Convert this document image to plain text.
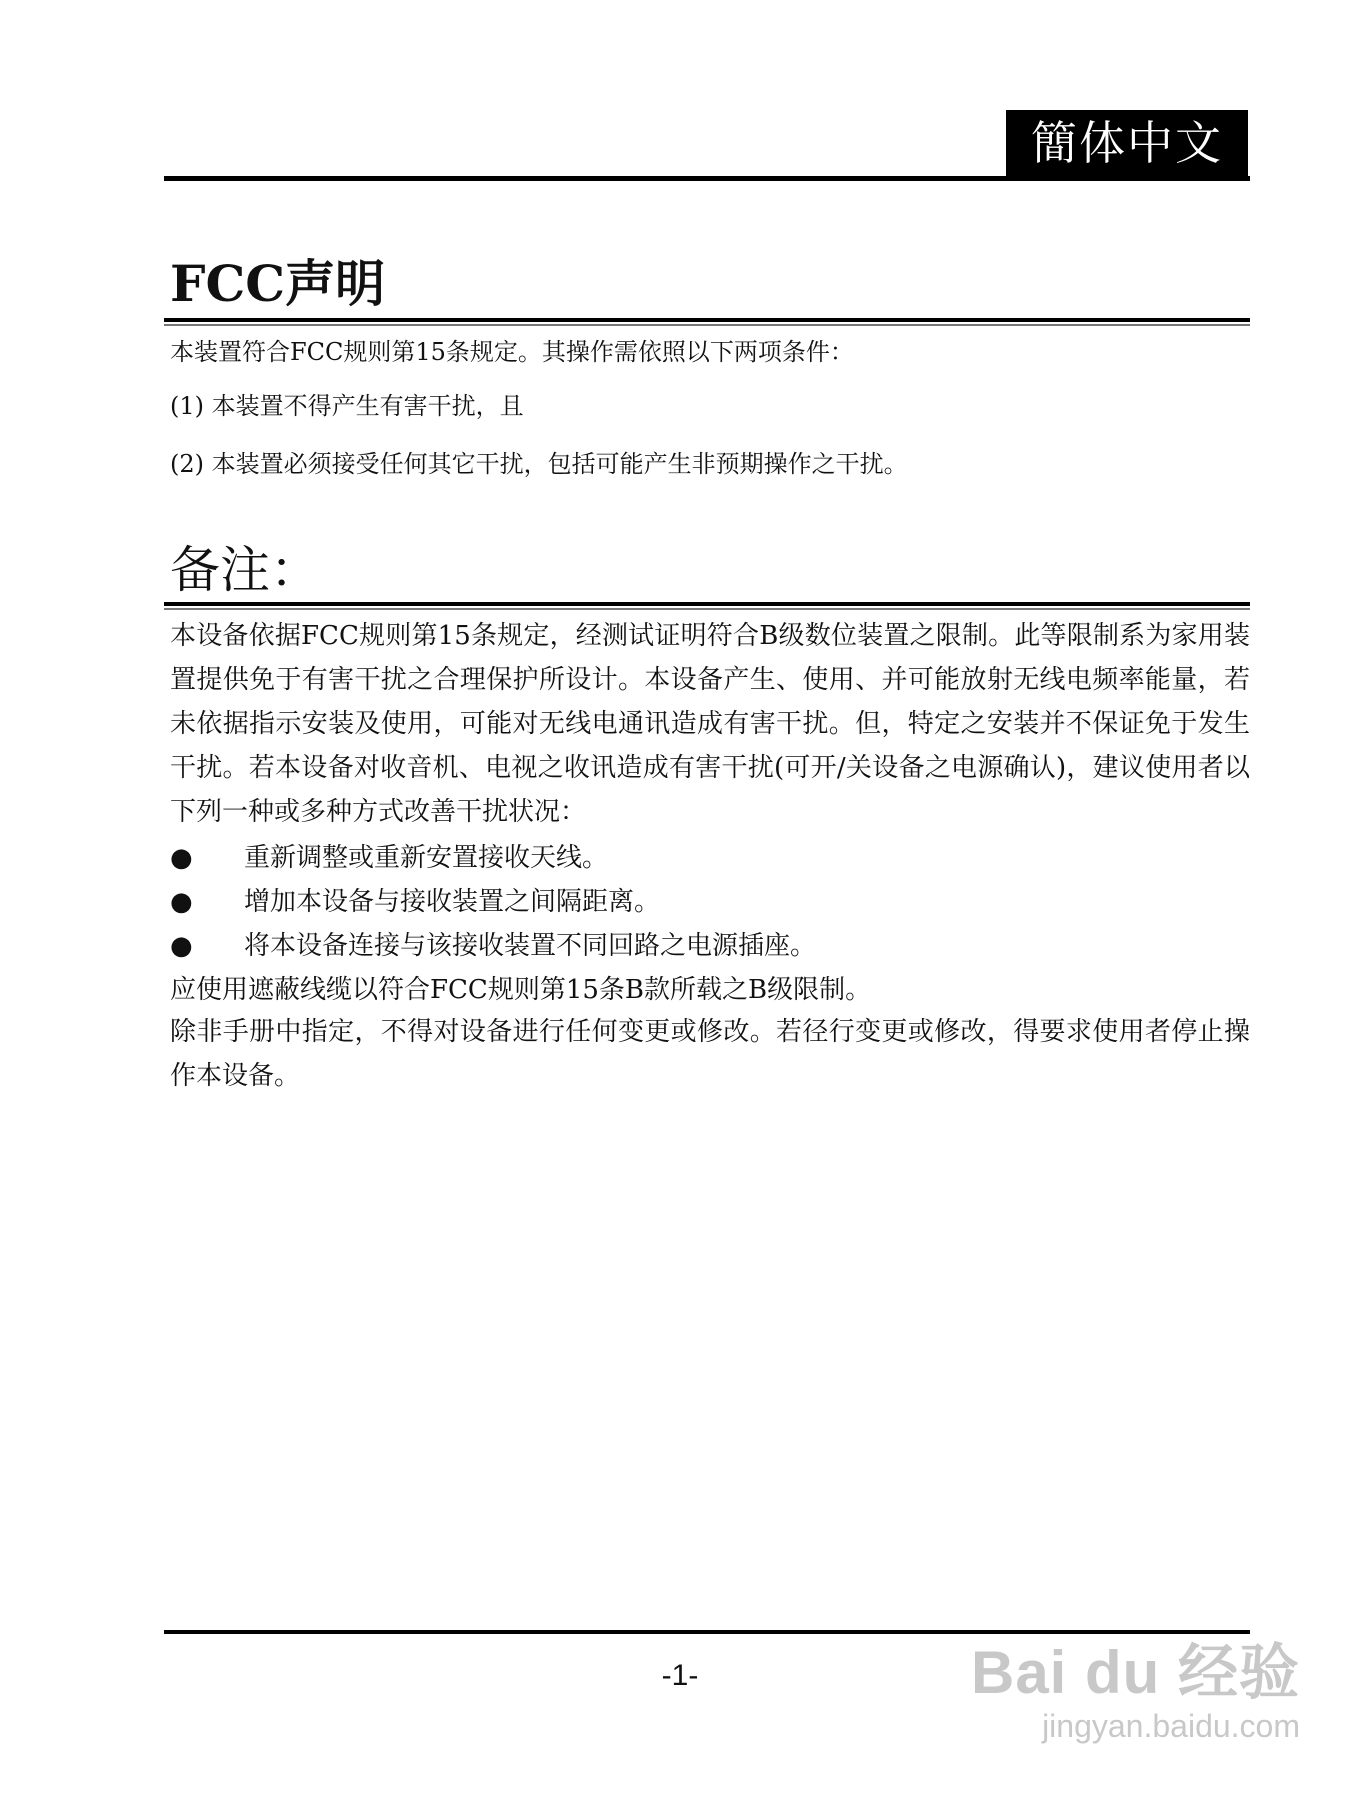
簡体中文
FCC声明

本装置符合FCC规则第15条规定。其操作需依照以下两项条件：

(1) 本装置不得产生有害干扰，且

(2) 本装置必须接受任何其它干扰，包括可能产生非预期操作之干扰。

备注：

本设备依据FCC规则第15条规定，经测试证明符合B级数位装置之限制。此等限制系为家用装置提供免于有害干扰之合理保护所设计。本设备产生、使用、并可能放射无线电频率能量，若未依据指示安装及使用，可能对无线电通讯造成有害干扰。但，特定之安装并不保证免于发生干扰。若本设备对收音机、电视之收讯造成有害干扰(可开/关设备之电源确认)，建议使用者以下列一种或多种方式改善干扰状况：

●	重新调整或重新安置接收天线。
●	增加本设备与接收装置之间隔距离。
●	将本设备连接与该接收装置不同回路之电源插座。

应使用遮蔽线缆以符合FCC规则第15条B款所载之B级限制。

除非手册中指定，不得对设备进行任何变更或修改。若径行变更或修改，得要求使用者停止操作本设备。

-1-	Bai du 经验
jingyan.baidu.com
